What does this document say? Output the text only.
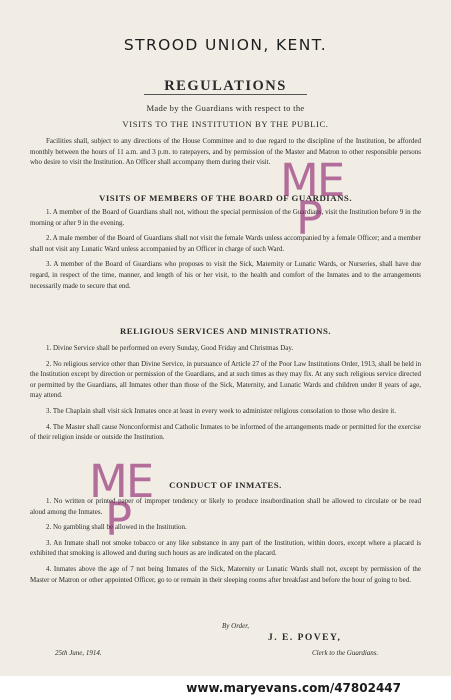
STROOD UNION, KENT.
REGULATIONS
Made by the Guardians with respect to the
VISITS TO THE INSTITUTION BY THE PUBLIC.

Facilities shall, subject to any directions of the House Committee and to due regard to the discipline of the Institution, be afforded monthly between the hours of 11 a.m. and 3 p.m. to ratepayers, and by permission of the Master and Matron to other responsible persons who desire to visit the Institution. An Officer shall accompany them during their visit.

VISITS OF MEMBERS OF THE BOARD OF GUARDIANS.

1. A member of the Board of Guardians shall not, without the special permission of the Guardians, visit the Institution before 9 in the morning or after 9 in the evening.

2. A male member of the Board of Guardians shall not visit the female Wards unless accompanied by a female Officer; and a member shall not visit any Lunatic Ward unless accompanied by an Officer in charge of such Ward.

3. A member of the Board of Guardians who proposes to visit the Sick, Maternity or Lunatic Wards, or Nurseries, shall have due regard, in respect of the time, manner, and length of his or her visit, to the health and comfort of the Inmates and to the arrangements necessarily made to secure that end.

RELIGIOUS SERVICES AND MINISTRATIONS.

1. Divine Service shall be performed on every Sunday, Good Friday and Christmas Day.

2. No religious service other than Divine Service, in pursuance of Article 27 of the Poor Law Institutions Order, 1913, shall be held in the Institution except by direction or permission of the Guardians, and at such times as they may fix. At any such religious service directed or permitted by the Guardians, all Inmates other than those of the Sick, Maternity, and Lunatic Wards and children under 8 years of age, may attend.

3. The Chaplain shall visit sick Inmates once at least in every week to administer religious consolation to those who desire it.

4. The Master shall cause Nonconformist and Catholic Inmates to be informed of the arrangements made or permitted for the exercise of their religion inside or outside the Institution.

CONDUCT OF INMATES.

1. No written or printed paper of improper tendency or likely to produce insubordination shall be allowed to circulate or be read aloud among the Inmates.

2. No gambling shall be allowed in the Institution.

3. An Inmate shall not smoke tobacco or any like substance in any part of the Institution, within doors, except where a placard is exhibited that smoking is allowed and during such hours as are indicated on the placard.

4. Inmates above the age of 7 not being Inmates of the Sick, Maternity or Lunatic Wards shall not, except by permission of the Master or Matron or other appointed Officer, go to or remain in their sleeping rooms after breakfast and before the hour of going to bed.

By Order,
J. E. POVEY,
25th June, 1914.	Clerk to the Guardians.
ME
P
ME
P
www.maryevans.com/47802447
